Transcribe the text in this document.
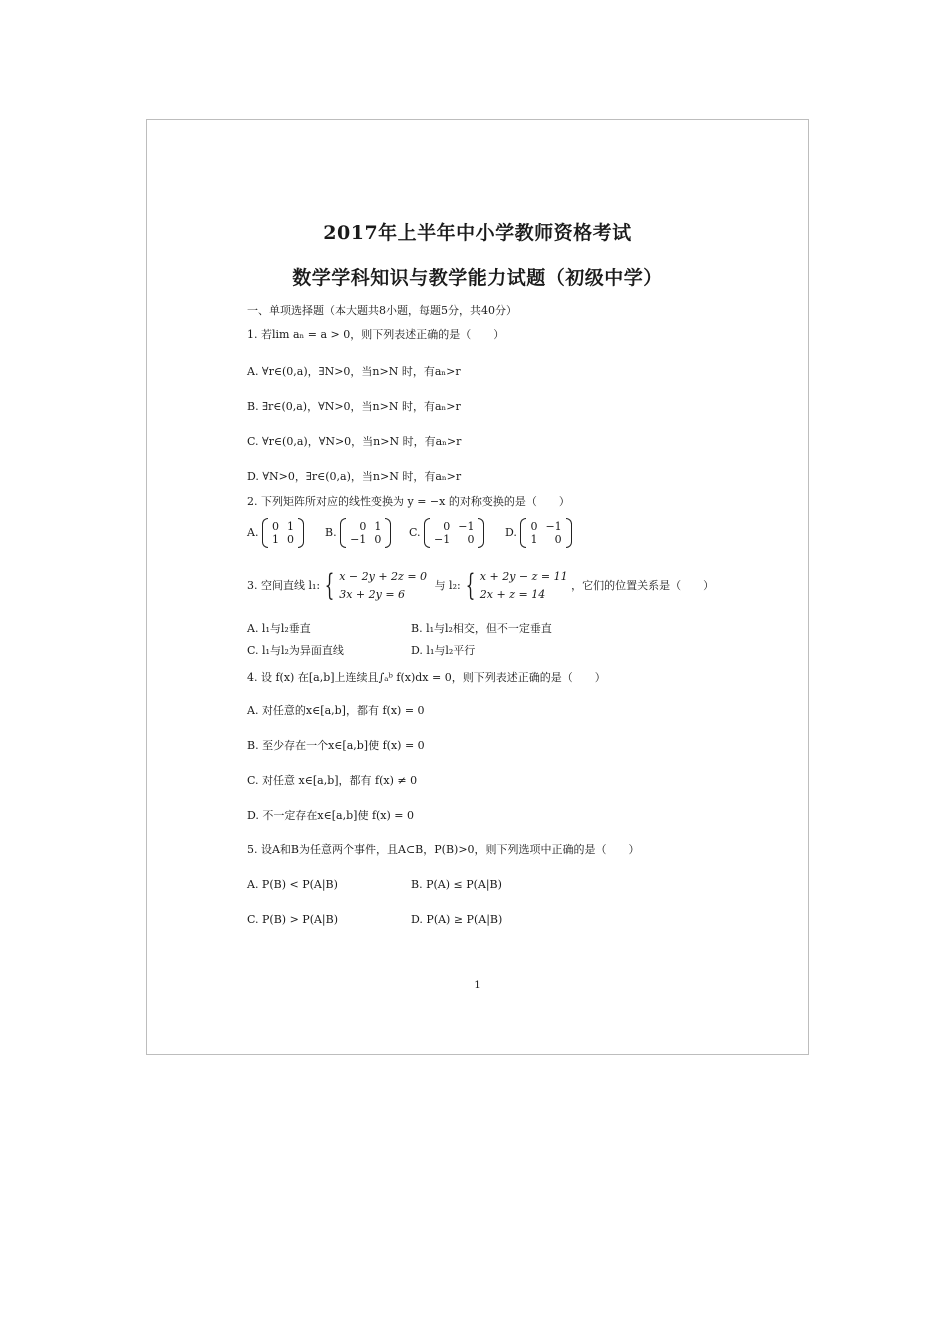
2017年上半年中小学教师资格考试
数学学科知识与教学能力试题（初级中学）
一、单项选择题（本大题共8小题，每题5分，共40分）
1. 若lim aₙ = a > 0，则下列表述正确的是（　　）
A. ∀r∈(0,a)，∃N>0，当n>N 时，有aₙ>r
B. ∃r∈(0,a)，∀N>0，当n>N 时，有aₙ>r
C. ∀r∈(0,a)，∀N>0，当n>N 时，有aₙ>r
D. ∀N>0，∃r∈(0,a)，当n>N 时，有aₙ>r
2. 下列矩阵所对应的线性变换为 y = −x 的对称变换的是（　　）
A. 0	1
1	0
B. 0	1
−1	0
C. 0	−1
−1	0
D. 0	−1
1	0
3. 空间直线 l₁: { x − 2y + 2z = 0
3x + 2y = 6 与 l₂: { x + 2y − z = 11
2x + z = 14 ，它们的位置关系是（　　）
A. l₁与l₂垂直	B. l₁与l₂相交，但不一定垂直
C. l₁与l₂为异面直线	D. l₁与l₂平行
4. 设 f(x) 在[a,b]上连续且∫ₐᵇ f(x)dx = 0，则下列表述正确的是（　　）
A. 对任意的x∈[a,b]，都有 f(x) = 0
B. 至少存在一个x∈[a,b]使 f(x) = 0
C. 对任意 x∈[a,b]，都有 f(x) ≠ 0
D. 不一定存在x∈[a,b]使 f(x) = 0
5. 设A和B为任意两个事件，且A⊂B，P(B)>0，则下列选项中正确的是（　　）
A. P(B) < P(A|B)	B. P(A) ≤ P(A|B)
C. P(B) > P(A|B)	D. P(A) ≥ P(A|B)
1
